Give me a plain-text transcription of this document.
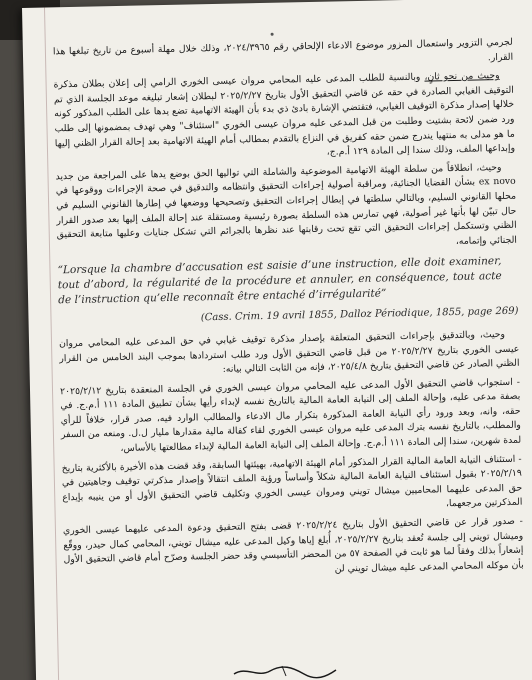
لجرمي التزوير واستعمال المزور موضوع الادعاء الإلحاقي رقم ٢٠٢٤/٣٩٦٥، وذلك خلال مهلة أسبوع من تاريخ تبلغها هذا القرار.

وحيث من نحو ثانٍ، وبالنسبة للطلب المدعى عليه المحامي مروان عيسى الخوري الرامي إلى إعلان بطلان مذكرة التوقيف الغيابي الصادرة في حقه عن قاضي التحقيق الأول بتاريخ ٢٠٢٥/٢/٢٧ لبطلان إشعار تبليغه موعد الجلسة الذي تم خلالها إصدار مذكرة التوقيف الغيابي، فتقتضي الإشارة بادئ ذي بدء بأن الهيئة الاتهامية تضع يدها على الطلب المذكور كونه ورد ضمن لائحة بشتيت وطلبت من قبل المدعى عليه مروان عيسى الخوري "استئناف" وهي تهدف بمضمونها إلى طلب ما هو مدلى به منتهيا يندرج ضمن حقه كفريق في النزاع بالتقدم بمطالب أمام الهيئة الاتهامية بعد إحالة القرار الظني إليها وإبداعها الملف، وذلك سندا إلى المادة ١٢٩ أ.م.ج،

وحيث، انطلاقاً من سلطة الهيئة الاتهامية الموضوعية والشاملة التي تواليها الحق بوضع يدها على المراجعة من جديد ex novo بشأن القضايا الجنائية، ومراقبة أصولية إجراءات التحقيق وانتظامه والتدقيق في صحة الإجراءات ووقوعها في محلها القانوني السليم، وبالتالي سلطتها في إبطال إجراءات التحقيق وتصحيحها ووضعها في إطارها القانوني السليم في حال تبيّن لها بأنها غير أصولية، فهي تمارس هذه السلطة بصورة رئيسية ومستقلة عند إحالة الملف إليها بعد صدور القرار الظني وتستكمل إجراءات التحقيق التي تقع تحت رقابتها عند نظرها بالجرائم التي تشكل جنايات وعليها متابعة التحقيق الجنائي وإتمامه،

“Lorsque la chambre d’accusation est saisie d’une instruction, elle doit examiner, tout d’abord, la régularité de la procédure et annuler, en conséquence, tout acte de l’instruction qu’elle reconnaît être entaché d’irrégularité”
(Cass. Crim. 19 avril 1855, Dalloz Périodique, 1855, page 269)

وحيث، وبالتدقيق بإجراءات التحقيق المتعلقة بإصدار مذكرة توقيف غيابي في حق المدعى عليه المحامي مروان عيسى الخوري بتاريخ ٢٠٢٥/٢/٢٧ من قبل قاضي التحقيق الأول ورد طلب استردادها بموجب البند الخامس من القرار الظني الصادر عن قاضي التحقيق بتاريخ ٢٠٢٥/٤/٨، فإنه من الثابت التالي بيانه:

- استجواب قاضي التحقيق الأول المدعى عليه المحامي مروان عيسى الخوري في الجلسة المنعقدة بتاريخ ٢٠٢٥/٢/١٢ بصفة مدعى عليه، وإحالة الملف إلى النيابة العامة المالية بالتاريخ نفسه لإبداء رأيها بشأن تطبيق المادة ١١١ أ.م.ج. في حقه، وانه، وبعد ورود رأي النيابة العامة المذكورة بتكرار مال الادعاء والمطالب الوارد فيه، صدر قرار، خلافاً للرأي والمطلب، بالتاريخ نفسه بترك المدعى عليه مروان عيسى الخوري لقاء كفالة مالية مقدارها مليار ل.ل. ومنعه من السفر لمدة شهرين، سندا إلى المادة ١١١ أ.م.ج. وإحالة الملف إلى النيابة العامة المالية لإبداء مطالعتها بالأساس،

- استئناف النيابة العامة المالية القرار المذكور أمام الهيئة الاتهامية، بهيئتها السابقة، وقد قضت هذه الأخيرة بالأكثرية بتاريخ ٢٠٢٥/٢/١٩ بقبول استئناف النيابة العامة المالية شكلاً وأساساً ورؤية الملف انتقالاً وإصدار مذكرتي توقيف وجاهيتين في حق المدعى عليهما المحاميين ميشال تويني ومروان عيسى الخوري وتكليف قاضي التحقيق الأول أو من ينيبه بإيداع المذكرتين مرجعهما،

- صدور قرار عن قاضي التحقيق الأول بتاريخ ٢٠٢٥/٢/٢٤ قضى بفتح التحقيق ودعوة المدعى عليهما عيسى الخوري وميشال تويني إلى جلسة تُعقد بتاريخ ٢٠٢٥/٢/٢٧، أُبلغ إياها وكيل المدعى عليه ميشال تويني، المحامي كمال حيدر، ووقّع إشعاراً بذلك وفقاً لما هو ثابت في الصفحة ٥٧ من المحضر التأسيسي وقد حضر الجلسة وصرّح أمام قاضي التحقيق الأول بأن موكله المحامي المدعى عليه ميشال تويني لن
